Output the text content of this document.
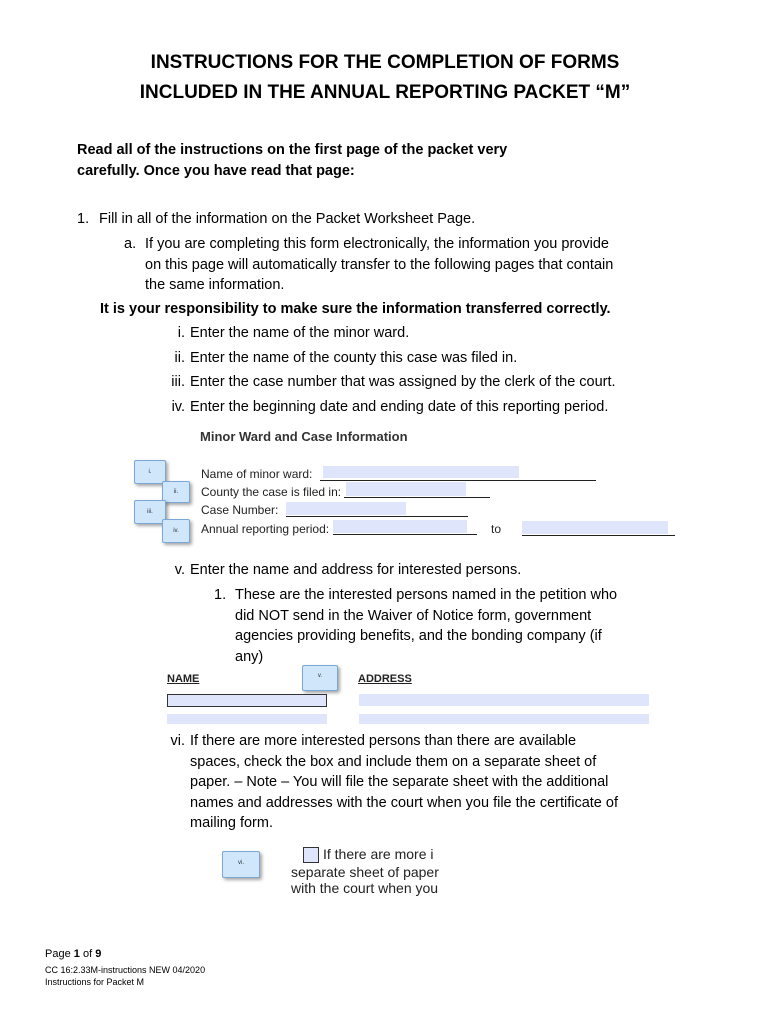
INSTRUCTIONS FOR THE COMPLETION OF FORMS
INCLUDED IN THE ANNUAL REPORTING PACKET “M”
Read all of the instructions on the first page of the packet very
carefully. Once you have read that page:
1. Fill in all of the information on the Packet Worksheet Page.
a. If you are completing this form electronically, the information you provide
on this page will automatically transfer to the following pages that contain
the same information.
It is your responsibility to make sure the information transferred correctly.
i. Enter the name of the minor ward.
ii. Enter the name of the county this case was filed in.
iii. Enter the case number that was assigned by the clerk of the court.
iv. Enter the beginning date and ending date of this reporting period.
Minor Ward and Case Information
Name of minor ward:
County the case is filed in:
Case Number:
Annual reporting period:	to
i.
ii.
iii.
iv.
v. Enter the name and address for interested persons.
1. These are the interested persons named in the petition who
did NOT send in the Waiver of Notice form, government
agencies providing benefits, and the bonding company (if
any)
NAME	ADDRESS
v.
vi. If there are more interested persons than there are available
spaces, check the box and include them on a separate sheet of
paper. – Note – You will file the separate sheet with the additional
names and addresses with the court when you file the certificate of
mailing form.
vi.
If there are more i
separate sheet of paper
with the court when you
Page 1 of 9
CC 16:2.33M-instructions NEW 04/2020
Instructions for Packet M
